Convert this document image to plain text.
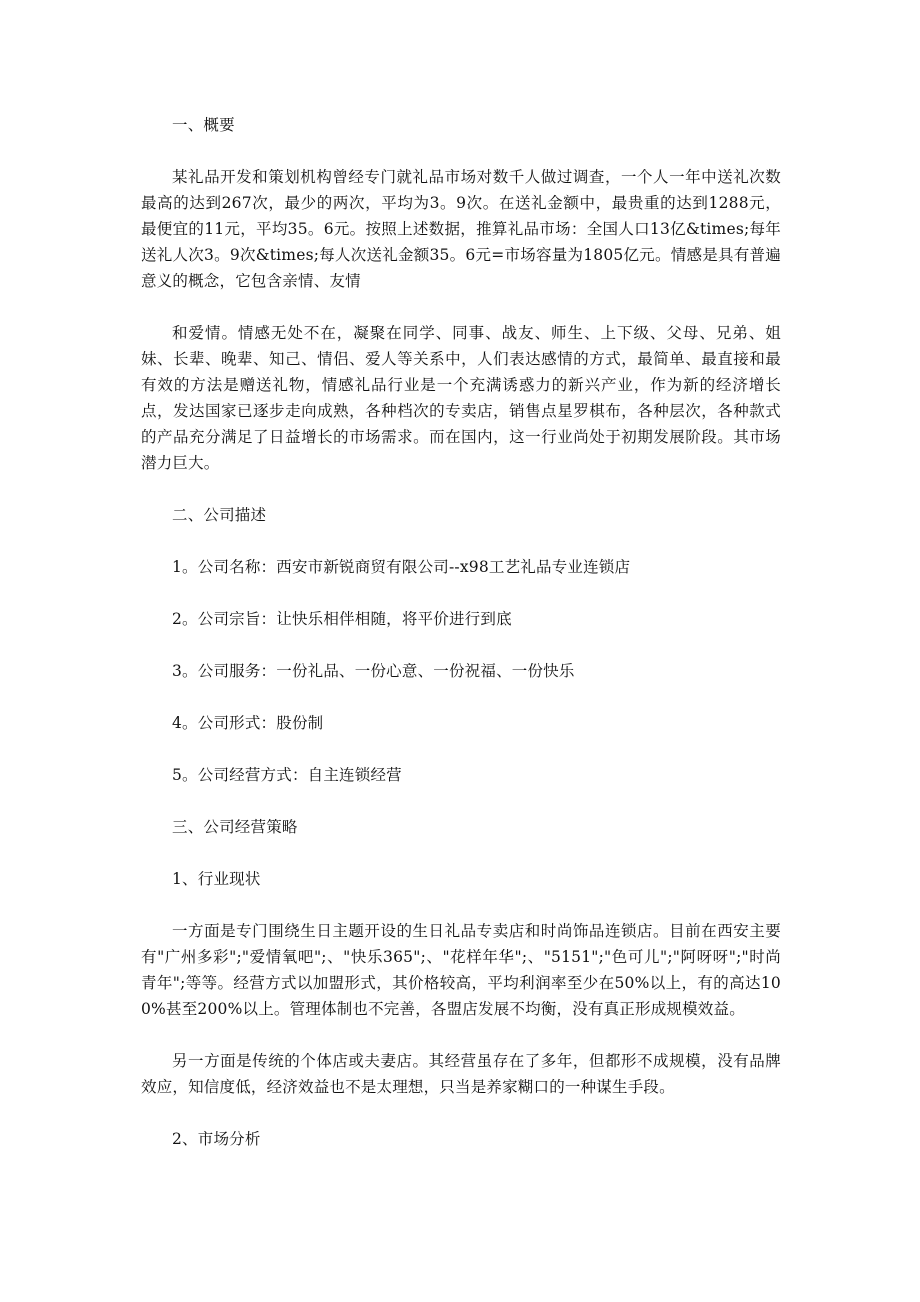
一、概要

某礼品开发和策划机构曾经专门就礼品市场对数千人做过调查，一个人一年中送礼次数最高的达到267次，最少的两次，平均为3。9次。在送礼金额中，最贵重的达到1288元，最便宜的11元，平均35。6元。按照上述数据，推算礼品市场：全国人口13亿&times;每年送礼人次3。9次&times;每人次送礼金额35。6元=市场容量为1805亿元。情感是具有普遍意义的概念，它包含亲情、友情

和爱情。情感无处不在，凝聚在同学、同事、战友、师生、上下级、父母、兄弟、姐妹、长辈、晚辈、知己、情侣、爱人等关系中，人们表达感情的方式，最简单、最直接和最有效的方法是赠送礼物，情感礼品行业是一个充满诱惑力的新兴产业，作为新的经济增长点，发达国家已逐步走向成熟，各种档次的专卖店，销售点星罗棋布，各种层次，各种款式的产品充分满足了日益增长的市场需求。而在国内，这一行业尚处于初期发展阶段。其市场潜力巨大。

二、公司描述

1。公司名称：西安市新锐商贸有限公司--x98工艺礼品专业连锁店

2。公司宗旨：让快乐相伴相随，将平价进行到底

3。公司服务：一份礼品、一份心意、一份祝福、一份快乐

4。公司形式：股份制

5。公司经营方式：自主连锁经营

三、公司经营策略

1、行业现状

一方面是专门围绕生日主题开设的生日礼品专卖店和时尚饰品连锁店。目前在西安主要有"广州多彩";"爱情氧吧";、"快乐365";、"花样年华";、"5151";"色可儿";"阿呀呀";"时尚青年";等等。经营方式以加盟形式，其价格较高，平均利润率至少在50%以上，有的高达100%甚至200%以上。管理体制也不完善，各盟店发展不均衡，没有真正形成规模效益。

另一方面是传统的个体店或夫妻店。其经营虽存在了多年，但都形不成规模，没有品牌效应，知信度低，经济效益也不是太理想，只当是养家糊口的一种谋生手段。

2、市场分析
